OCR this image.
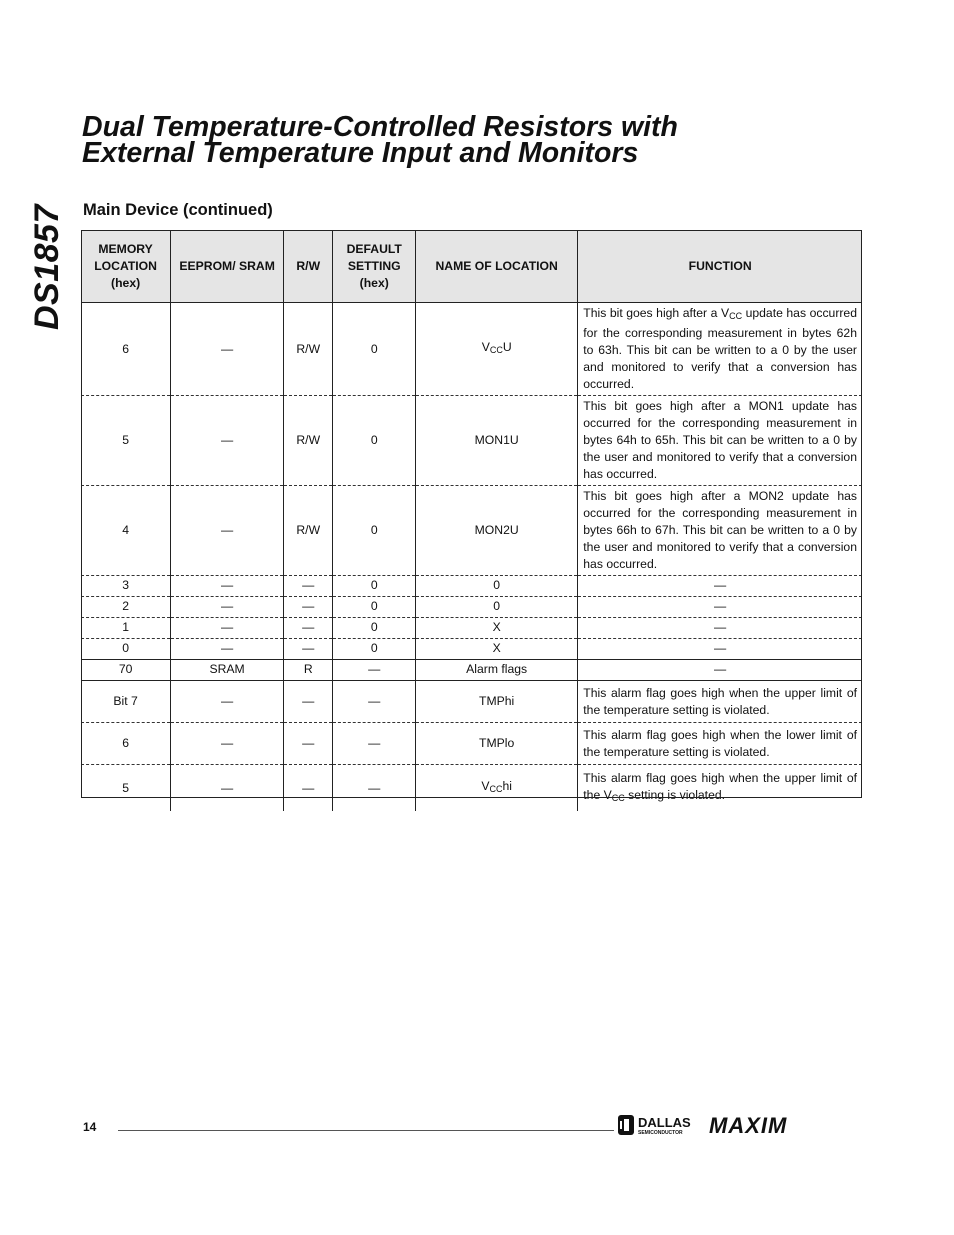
DS1857
Dual Temperature-Controlled Resistors with
External Temperature Input and Monitors
Main Device (continued)
MEMORY LOCATION (hex)	EEPROM/ SRAM	R/W	DEFAULT SETTING (hex)	NAME OF LOCATION	FUNCTION
6	—	R/W	0	$V_{CC}U$	This bit goes high after a $V_{CC}$ update has occurred for the corresponding measurement in bytes 62h to 63h. This bit can be written to a 0 by the user and monitored to verify that a conversion has occurred.
5	—	R/W	0	MON1U	This bit goes high after a MON1 update has occurred for the corresponding measurement in bytes 64h to 65h. This bit can be written to a 0 by the user and monitored to verify that a conversion has occurred.
4	—	R/W	0	MON2U	This bit goes high after a MON2 update has occurred for the corresponding measurement in bytes 66h to 67h. This bit can be written to a 0 by the user and monitored to verify that a conversion has occurred.
3	—	—	0	0	—
2	—	—	0	0	—
1	—	—	0	X	—
0	—	—	0	X	—
70	SRAM	R	—	Alarm flags	—
Bit 7	—	—	—	TMPhi	This alarm flag goes high when the upper limit of the temperature setting is violated.
6	—	—	—	TMPlo	This alarm flag goes high when the lower limit of the temperature setting is violated.
5	—	—	—	$V_{CC}hi$	This alarm flag goes high when the upper limit of the $V_{CC}$ setting is violated.
14	DALLAS
SEMICONDUCTOR MAXIM
